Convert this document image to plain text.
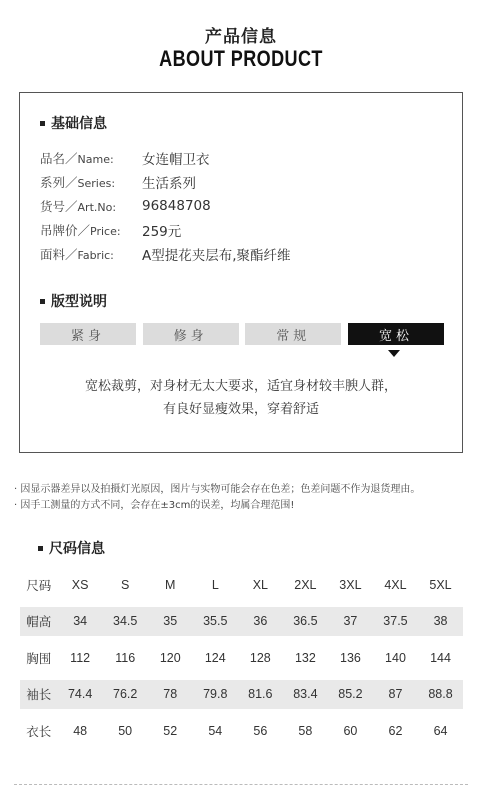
产品信息
ABOUT PRODUCT
基础信息
品名／Name:	女连帽卫衣
系列／Series:	生活系列
货号／Art.No:	96848708
吊牌价／Price:	259元
面料／Fabric:	A型提花夹层布,聚酯纤维
版型说明
紧身	修身	常规	宽松
宽松裁剪，对身材无太大要求，适宜身材较丰腴人群，
有良好显瘦效果，穿着舒适
· 因显示器差异以及拍摄灯光原因，图片与实物可能会存在色差；色差问题不作为退货理由。
· 因手工测量的方式不同，会存在±3cm的误差，均属合理范围!
尺码信息
尺码	XS	S	M	L	XL	2XL	3XL	4XL	5XL
帽高	34	34.5	35	35.5	36	36.5	37	37.5	38
胸围	112	116	120	124	128	132	136	140	144
袖长	74.4	76.2	78	79.8	81.6	83.4	85.2	87	88.8
衣长	48	50	52	54	56	58	60	62	64
